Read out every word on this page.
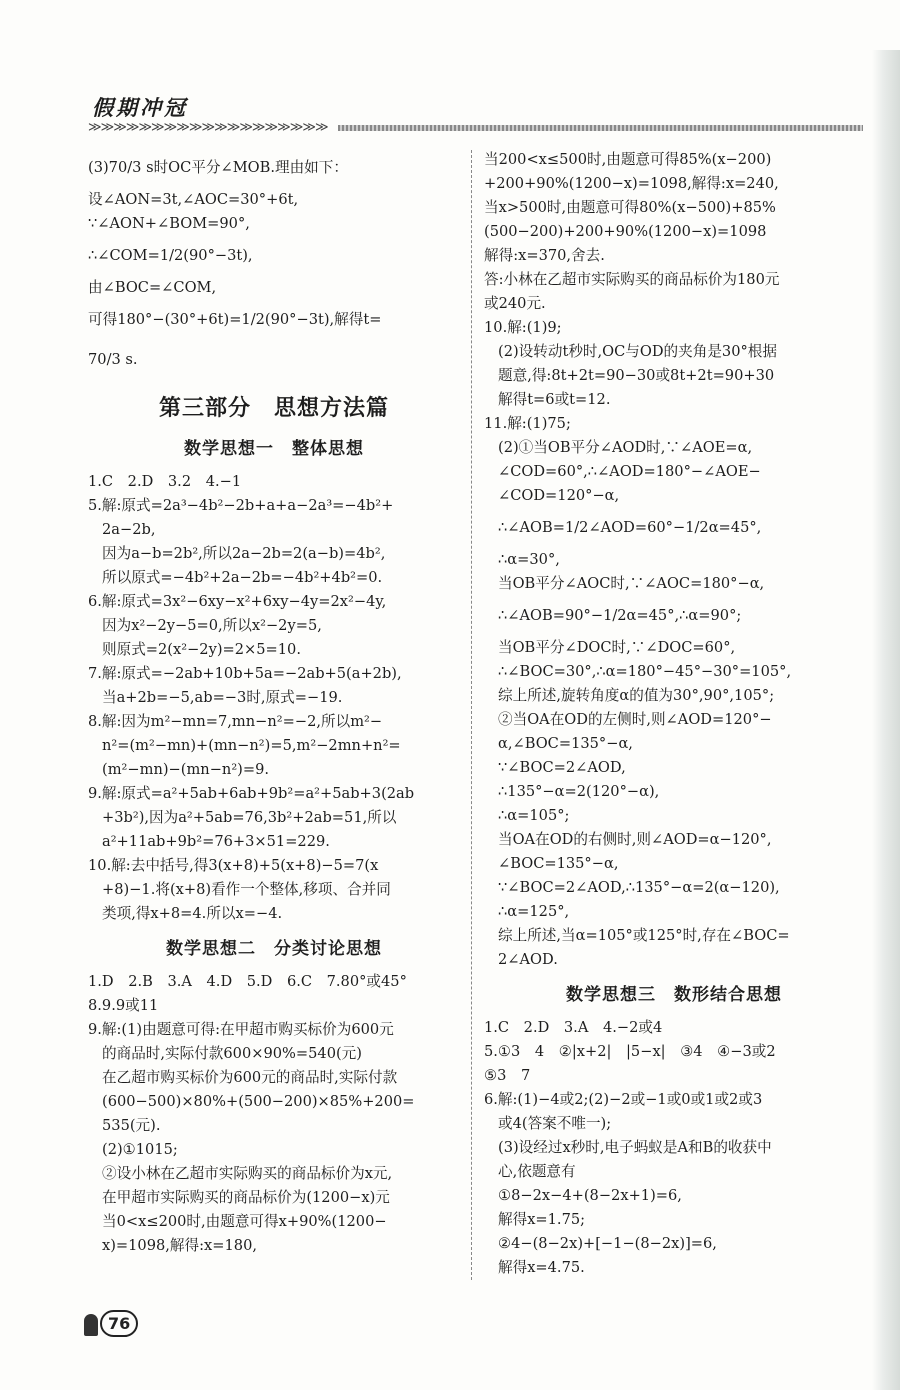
假期冲冠
≫≫≫≫≫≫≫≫≫≫≫≫≫≫≫≫≫≫≫
(3)70/3 s时OC平分∠MOB.理由如下：
设∠AON=3t,∠AOC=30°+6t,
∵∠AON+∠BOM=90°,
∴∠COM=1/2(90°−3t),
由∠BOC=∠COM,
可得180°−(30°+6t)=1/2(90°−3t),解得t=
70/3 s.
第三部分　思想方法篇
数学思想一　整体思想
1.C　2.D　3.2　4.−1
5.解:原式=2a³−4b²−2b+a+a−2a³=−4b²+
2a−2b,
因为a−b=2b²,所以2a−2b=2(a−b)=4b²,
所以原式=−4b²+2a−2b=−4b²+4b²=0.
6.解:原式=3x²−6xy−x²+6xy−4y=2x²−4y,
因为x²−2y−5=0,所以x²−2y=5,
则原式=2(x²−2y)=2×5=10.
7.解:原式=−2ab+10b+5a=−2ab+5(a+2b),
当a+2b=−5,ab=−3时,原式=−19.
8.解:因为m²−mn=7,mn−n²=−2,所以m²−
n²=(m²−mn)+(mn−n²)=5,m²−2mn+n²=
(m²−mn)−(mn−n²)=9.
9.解:原式=a²+5ab+6ab+9b²=a²+5ab+3(2ab
+3b²),因为a²+5ab=76,3b²+2ab=51,所以
a²+11ab+9b²=76+3×51=229.
10.解:去中括号,得3(x+8)+5(x+8)−5=7(x
+8)−1.将(x+8)看作一个整体,移项、合并同
类项,得x+8=4.所以x=−4.
数学思想二　分类讨论思想
1.D　2.B　3.A　4.D　5.D　6.C　7.80°或45°
8.9.9或11
9.解:(1)由题意可得:在甲超市购买标价为600元
的商品时,实际付款600×90%=540(元)
在乙超市购买标价为600元的商品时,实际付款
(600−500)×80%+(500−200)×85%+200=
535(元).
(2)①1015;
②设小林在乙超市实际购买的商品标价为x元,
在甲超市实际购买的商品标价为(1200−x)元
当0<x≤200时,由题意可得x+90%(1200−
x)=1098,解得:x=180,
当200<x≤500时,由题意可得85%(x−200)
+200+90%(1200−x)=1098,解得:x=240,
当x>500时,由题意可得80%(x−500)+85%
(500−200)+200+90%(1200−x)=1098
解得:x=370,舍去.
答:小林在乙超市实际购买的商品标价为180元
或240元.
10.解:(1)9;
(2)设转动t秒时,OC与OD的夹角是30°根据
题意,得:8t+2t=90−30或8t+2t=90+30
解得t=6或t=12.
11.解:(1)75;
(2)①当OB平分∠AOD时,∵∠AOE=α,
∠COD=60°,∴∠AOD=180°−∠AOE−
∠COD=120°−α,
∴∠AOB=1/2∠AOD=60°−1/2α=45°,
∴α=30°,
当OB平分∠AOC时,∵∠AOC=180°−α,
∴∠AOB=90°−1/2α=45°,∴α=90°;
当OB平分∠DOC时,∵∠DOC=60°,
∴∠BOC=30°,∴α=180°−45°−30°=105°,
综上所述,旋转角度α的值为30°,90°,105°;
②当OA在OD的左侧时,则∠AOD=120°−
α,∠BOC=135°−α,
∵∠BOC=2∠AOD,
∴135°−α=2(120°−α),
∴α=105°;
当OA在OD的右侧时,则∠AOD=α−120°,
∠BOC=135°−α,
∵∠BOC=2∠AOD,∴135°−α=2(α−120),
∴α=125°,
综上所述,当α=105°或125°时,存在∠BOC=
2∠AOD.
数学思想三　数形结合思想
1.C　2.D　3.A　4.−2或4
5.①3　4　②|x+2|　|5−x|　③4　④−3或2
⑤3　7
6.解:(1)−4或2;(2)−2或−1或0或1或2或3
或4(答案不唯一);
(3)设经过x秒时,电子蚂蚁是A和B的收获中
心,依题意有
①8−2x−4+(8−2x+1)=6,
解得x=1.75;
②4−(8−2x)+[−1−(8−2x)]=6,
解得x=4.75.
76
